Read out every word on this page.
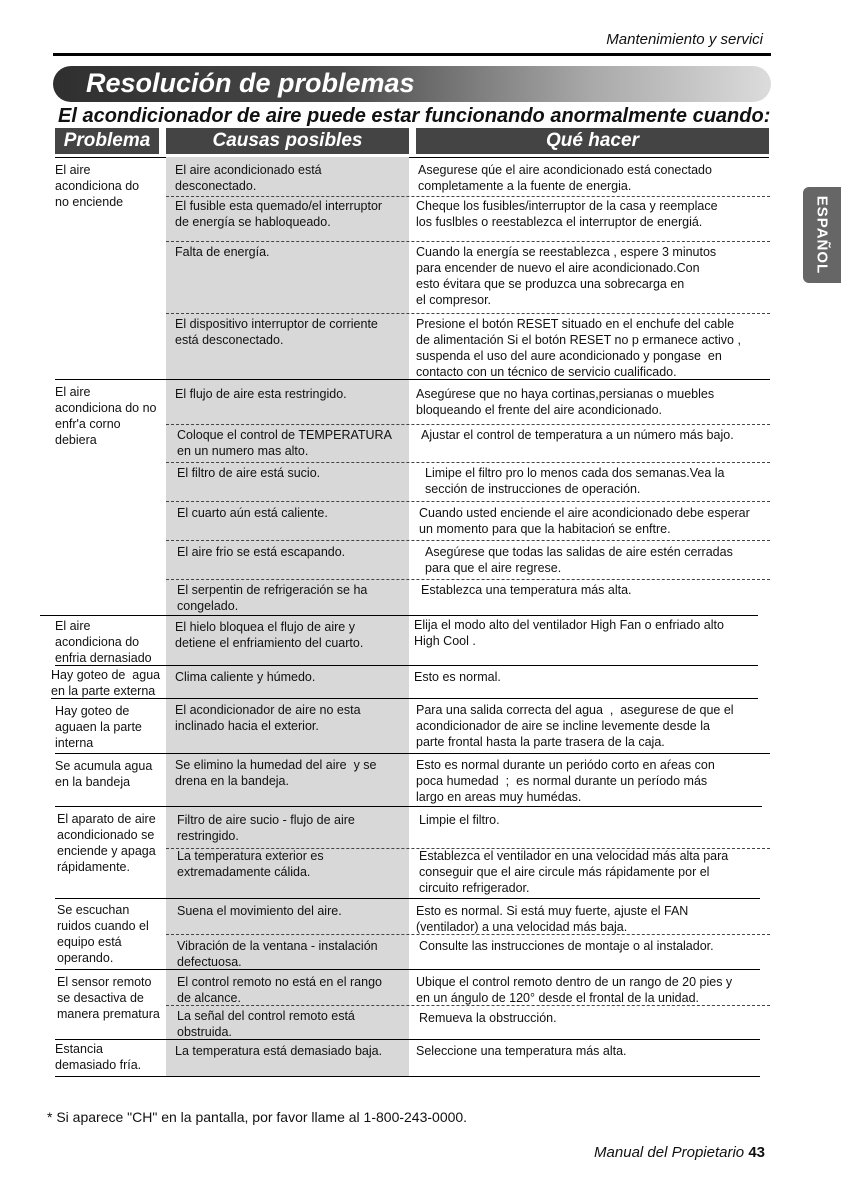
Mantenimiento y servici
Resolución de problemas
El acondicionador de aire puede estar funcionando anormalmente cuando:
Problema	Causas posibles	Qué hacer
ESPAÑOL
El aire
acondiciona do
no enciende
El aire
acondiciona do no
enfr'a corno
debiera
El aire
acondiciona do
enfria dernasiado
Hay goteo de  agua
en la parte externa
Hay goteo de
aguaen la parte
interna
Se acumula agua
en la bandeja
El aparato de aire
acondicionado se
enciende y apaga
rápidamente.
Se escuchan
ruidos cuando el
equipo está
operando.
El sensor remoto
se desactiva de
manera prematura
Estancia
demasiado fría.
El aire acondicionado está
desconectado.
El fusible esta quemado/el interruptor
de energía se habloqueado.
Falta de energía.
El dispositivo interruptor de corriente
está desconectado.
El flujo de aire esta restringido.
Coloque el control de TEMPERATURA
en un numero mas alto.
El filtro de aire está sucio.
El cuarto aún está caliente.
El aire frio se está escapando.
El serpentin de refrigeración se ha
congelado.
El hielo bloquea el flujo de aire y
detiene el enfriamiento del cuarto.
Clima caliente y húmedo.
El acondicionador de aire no esta
inclinado hacia el exterior.
Se elimino la humedad del aire  y se
drena en la bandeja.
Filtro de aire sucio - flujo de aire
restringido.
La temperatura exterior es
extremadamente cálida.
Suena el movimiento del aire.
Vibración de la ventana - instalación
defectuosa.
El control remoto no está en el rango
de alcance.
La señal del control remoto está
obstruida.
La temperatura está demasiado baja.
Asegurese qúe el aire acondicionado está conectado
completamente a la fuente de energia.
Cheque los fusibles/interruptor de la casa y reemplace
los fuslbles o reestablezca el interruptor de energiá.
Cuando la energía se reestablezca , espere 3 minutos
para encender de nuevo el aire acondicionado.Con
esto évitara que se produzca una sobrecarga en
el compresor.
Presione el botón RESET situado en el enchufe del cable
de alimentación Si el botón RESET no p ermanece activo ,
suspenda el uso del aure acondicionado y pongase  en
contacto con un técnico de servicio cualificado.
Asegúrese que no haya cortinas,persianas o muebles
bloqueando el frente del aire acondicionado.
Ajustar el control de temperatura a un número más bajo.
Limipe el filtro pro lo menos cada dos semanas.Vea la
sección de instrucciones de operación.
Cuando usted enciende el aire acondicionado debe esperar
un momento para que la habitacioń se enftre.
Asegúrese que todas las salidas de aire estén cerradas
para que el aire regrese.
Establezca una temperatura más alta.
Elija el modo alto del ventilador High Fan o enfriado alto
High Cool .
Esto es normal.
Para una salida correcta del agua  ,  asegurese de que el
acondicionador de aire se incline levemente desde la
parte frontal hasta la parte trasera de la caja.
Esto es normal durante un periódo corto en aŕeas con
poca humedad  ;  es normal durante un período más
largo en areas muy humédas.
Limpie el filtro.
Establezca el ventilador en una velocidad más alta para
conseguir que el aire circule más rápidamente por el
circuito refrigerador.
Esto es normal. Si está muy fuerte, ajuste el FAN
(ventilador) a una velocidad más baja.
Consulte las instrucciones de montaje o al instalador.
Ubique el control remoto dentro de un rango de 20 pies y
en un ángulo de 120° desde el frontal de la unidad.
Remueva la obstrucción.
Seleccione una temperatura más alta.
* Si aparece "CH" en la pantalla, por favor llame al 1-800-243-0000.
Manual del Propietario 43
